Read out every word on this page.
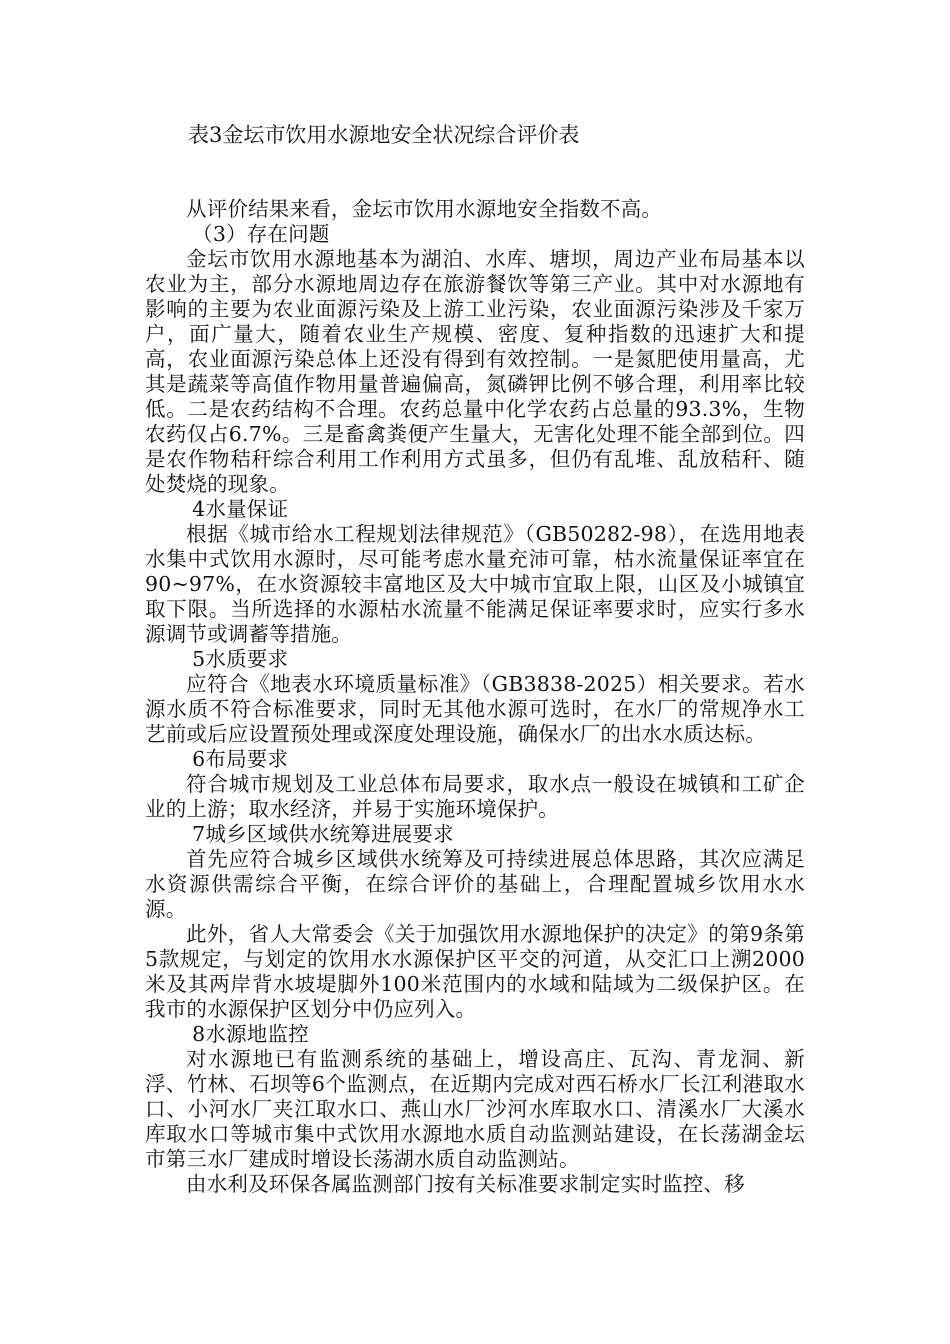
表3金坛市饮用水源地安全状况综合评价表

从评价结果来看，金坛市饮用水源地安全指数不高。

（3）存在问题

金坛市饮用水源地基本为湖泊、水库、塘坝，周边产业布局基本以农业为主，部分水源地周边存在旅游餐饮等第三产业。其中对水源地有影响的主要为农业面源污染及上游工业污染，农业面源污染涉及千家万户，面广量大，随着农业生产规模、密度、复种指数的迅速扩大和提高，农业面源污染总体上还没有得到有效控制。一是氮肥使用量高，尤其是蔬菜等高值作物用量普遍偏高，氮磷钾比例不够合理，利用率比较低。二是农药结构不合理。农药总量中化学农药占总量的93.3%，生物农药仅占6.7%。三是畜禽粪便产生量大，无害化处理不能全部到位。四是农作物秸秆综合利用工作利用方式虽多，但仍有乱堆、乱放秸秆、随处焚烧的现象。

4水量保证

根据《城市给水工程规划法律规范》（GB50282-98），在选用地表水集中式饮用水源时，尽可能考虑水量充沛可靠，枯水流量保证率宜在90~97%，在水资源较丰富地区及大中城市宜取上限，山区及小城镇宜取下限。当所选择的水源枯水流量不能满足保证率要求时，应实行多水源调节或调蓄等措施。

5水质要求

应符合《地表水环境质量标准》（GB3838-2025）相关要求。若水源水质不符合标准要求，同时无其他水源可选时，在水厂的常规净水工艺前或后应设置预处理或深度处理设施，确保水厂的出水水质达标。

6布局要求

符合城市规划及工业总体布局要求，取水点一般设在城镇和工矿企业的上游；取水经济，并易于实施环境保护。

7城乡区域供水统筹进展要求

首先应符合城乡区域供水统筹及可持续进展总体思路，其次应满足水资源供需综合平衡，在综合评价的基础上，合理配置城乡饮用水水源。

此外，省人大常委会《关于加强饮用水源地保护的决定》的第9条第5款规定，与划定的饮用水水源保护区平交的河道，从交汇口上溯2000米及其两岸背水坡堤脚外100米范围内的水域和陆域为二级保护区。在我市的水源保护区划分中仍应列入。

8水源地监控

对水源地已有监测系统的基础上，增设高庄、瓦沟、青龙洞、新浮、竹林、石坝等6个监测点，在近期内完成对西石桥水厂长江利港取水口、小河水厂夹江取水口、燕山水厂沙河水库取水口、清溪水厂大溪水库取水口等城市集中式饮用水源地水质自动监测站建设，在长荡湖金坛市第三水厂建成时增设长荡湖水质自动监测站。

由水利及环保各属监测部门按有关标准要求制定实时监控、移
